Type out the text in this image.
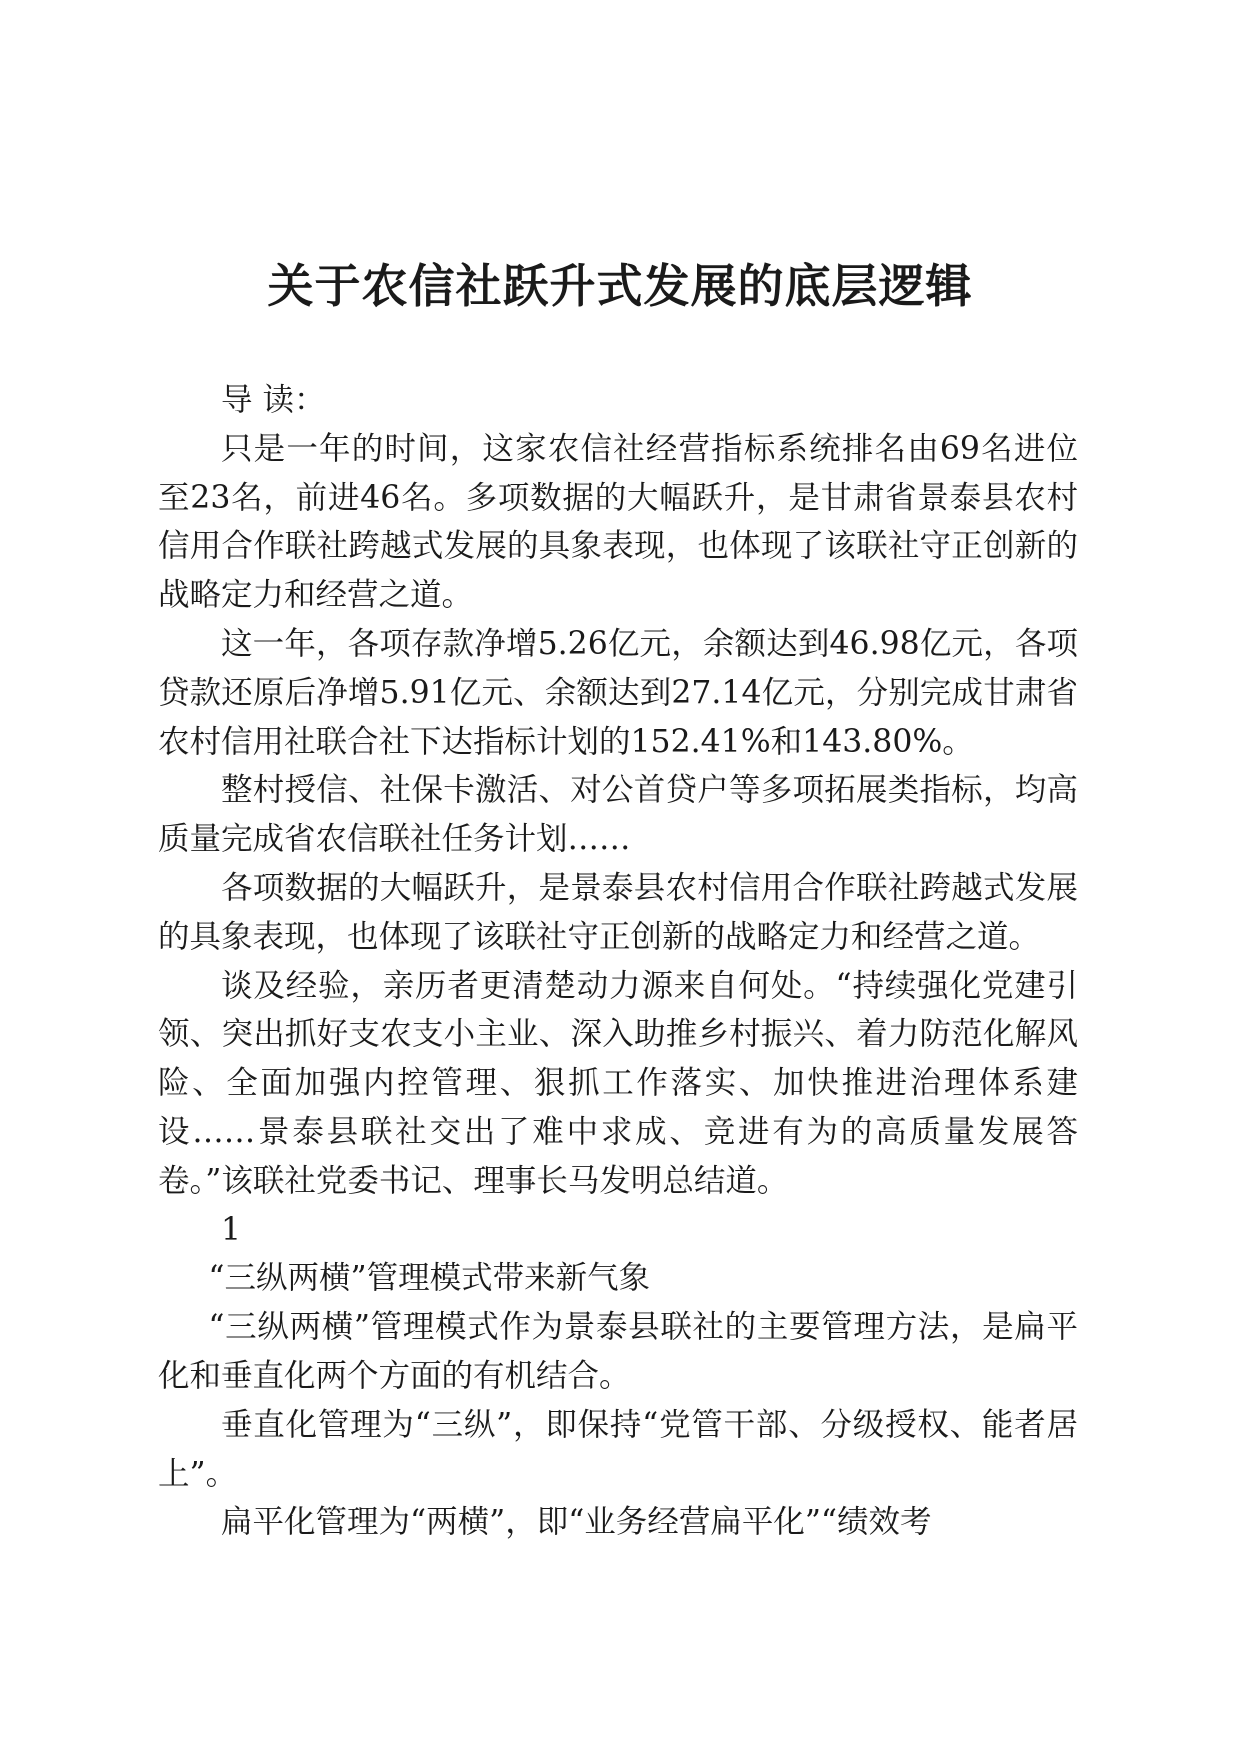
关于农信社跃升式发展的底层逻辑

导 读：

只是一年的时间，这家农信社经营指标系统排名由69名进位至23名，前进46名。多项数据的大幅跃升，是甘肃省景泰县农村信用合作联社跨越式发展的具象表现，也体现了该联社守正创新的战略定力和经营之道。

这一年，各项存款净增5.26亿元，余额达到46.98亿元，各项贷款还原后净增5.91亿元、余额达到27.14亿元，分别完成甘肃省农村信用社联合社下达指标计划的152.41%和143.80%。

整村授信、社保卡激活、对公首贷户等多项拓展类指标，均高质量完成省农信联社任务计划……

各项数据的大幅跃升，是景泰县农村信用合作联社跨越式发展的具象表现，也体现了该联社守正创新的战略定力和经营之道。

谈及经验，亲历者更清楚动力源来自何处。“持续强化党建引领、突出抓好支农支小主业、深入助推乡村振兴、着力防范化解风险、全面加强内控管理、狠抓工作落实、加快推进治理体系建设……景泰县联社交出了难中求成、竞进有为的高质量发展答卷。”该联社党委书记、理事长马发明总结道。

1

“三纵两横”管理模式带来新气象

“三纵两横”管理模式作为景泰县联社的主要管理方法，是扁平化和垂直化两个方面的有机结合。

垂直化管理为“三纵”，即保持“党管干部、分级授权、能者居上”。

扁平化管理为“两横”，即“业务经营扁平化”“绩效考
